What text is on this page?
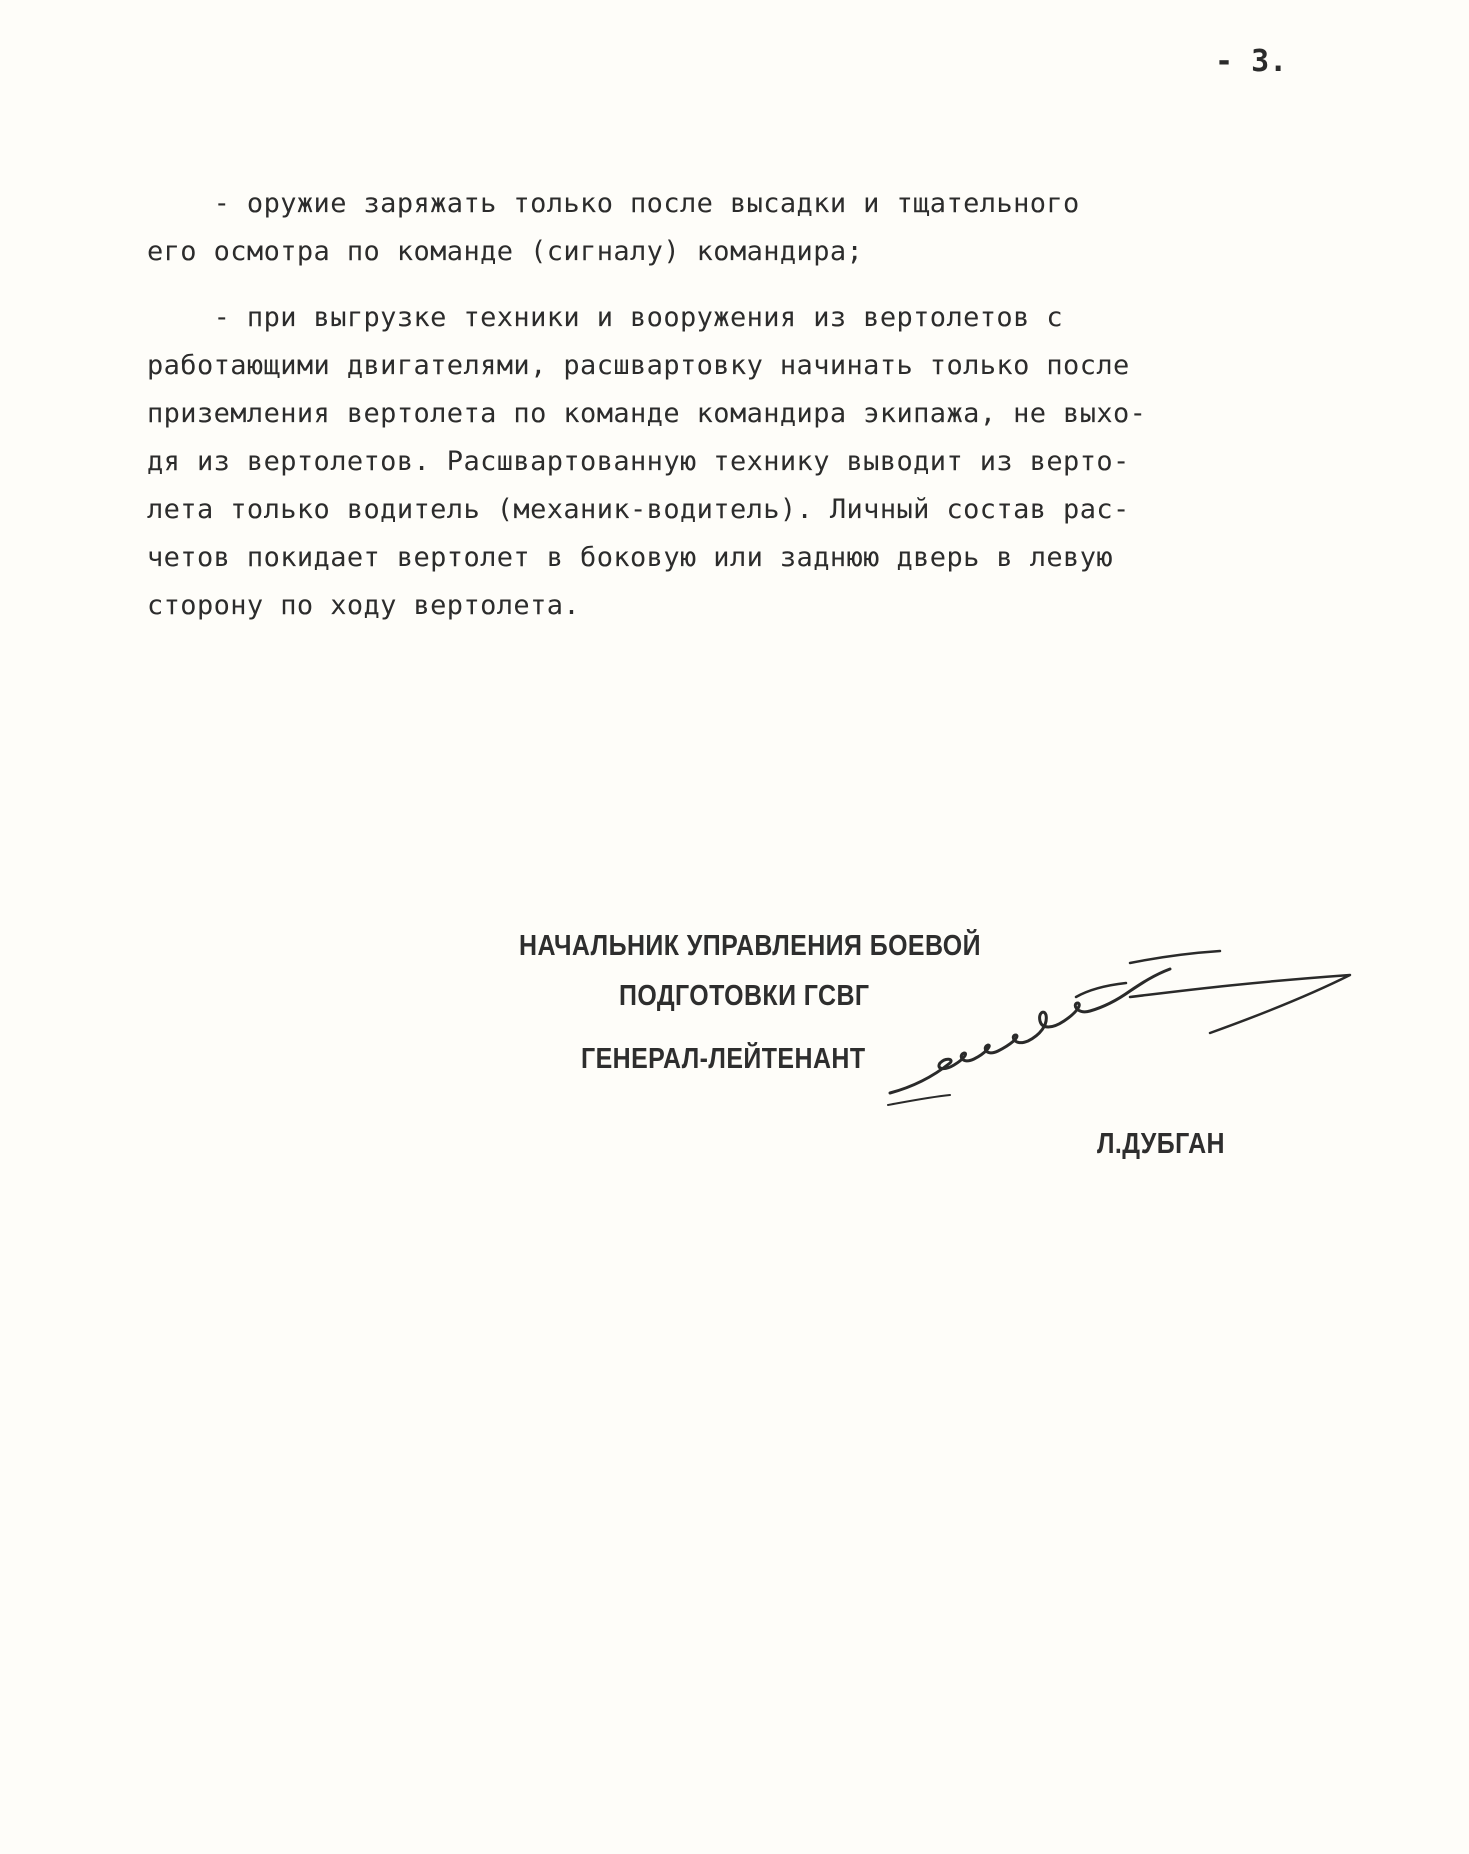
- 3.
- оружие заряжать только после высадки и тщательного
его осмотра по команде (сигналу) командира;
- при выгрузке техники и вооружения из вертолетов с
работающими двигателями, расшвартовку начинать только после
приземления вертолета по команде командира экипажа, не выхо-
дя из вертолетов. Расшвартованную технику выводит из верто-
лета только водитель (механик-водитель). Личный состав рас-
четов покидает вертолет в боковую или заднюю дверь в левую
сторону по ходу вертолета.
НАЧАЛЬНИК УПРАВЛЕНИЯ БОЕВОЙ
ПОДГОТОВКИ ГСВГ
ГЕНЕРАЛ-ЛЕЙТЕНАНТ
Л.ДУБГАН
